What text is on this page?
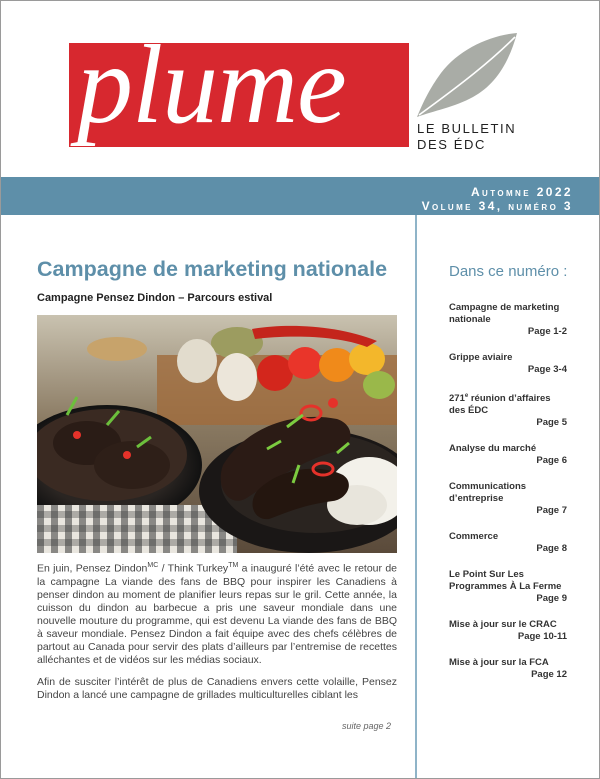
plume	LE BULLETIN
DES ÉDC
Automne 2022
Volume 34, numéro 3
Campagne de marketing nationale
Campagne Pensez Dindon – Parcours estival

En juin, Pensez Dindon$^{MC}$ / Think Turkey™ a inauguré l’été avec le retour de la campagne La viande des fans de BBQ pour inspirer les Canadiens à penser dindon au moment de planifier leurs repas sur le gril. Cette année, la cuisson du dindon au barbecue a pris une saveur mondiale dans une nouvelle mouture du programme, qui est devenu La viande des fans de BBQ à saveur mondiale. Pensez Dindon a fait équipe avec des chefs célèbres de partout au Canada pour servir des plats d’ailleurs par l’entremise de recettes alléchantes et de vidéos sur les médias sociaux.

Afin de susciter l’intérêt de plus de Canadiens envers cette volaille, Pensez Dindon a lancé une campagne de grillades multiculturelles ciblant les

suite page 2
Dans ce numéro :
Campagne de marketing nationale
Page 1-2
Grippe aviaire
Page 3-4
271e réunion d’affaires des ÉDC
Page 5
Analyse du marché
Page 6
Communications d’entreprise
Page 7
Commerce
Page 8
Le Point Sur Les Programmes À La Ferme
Page 9
Mise à jour sur le CRAC
Page 10-11
Mise à jour sur la FCA
Page 12
